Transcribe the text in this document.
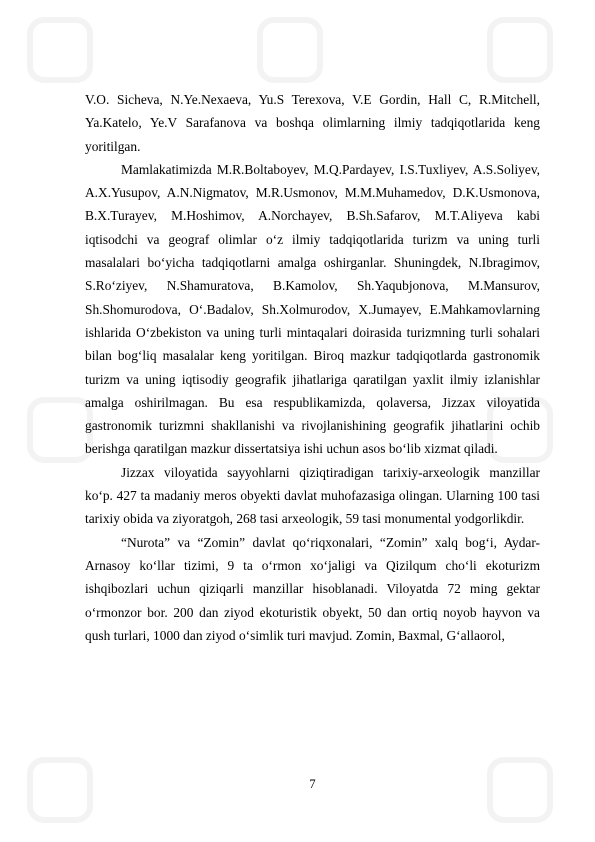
V.O. Sicheva, N.Ye.Nexaeva, Yu.S Terexova, V.E Gordin, Hall C, R.Mitchell, Ya.Katelo, Ye.V Sarafanova va boshqa olimlarning ilmiy tadqiqotlarida keng yoritilgan.

Mamlakatimizda M.R.Boltaboyev, M.Q.Pardayev, I.S.Tuxliyev, A.S.Soliyev, A.X.Yusupov, A.N.Nigmatov, M.R.Usmonov, M.M.Muhamedov, D.K.Usmonova, B.X.Turayev, M.Hoshimov, A.Norchayev, B.Sh.Safarov, M.T.Aliyeva kabi iqtisodchi va geograf olimlar o‘z ilmiy tadqiqotlarida turizm va uning turli masalalari bo‘yicha tadqiqotlarni amalga oshirganlar. Shuningdek, N.Ibragimov, S.Ro‘ziyev, N.Shamuratova, B.Kamolov, Sh.Yaqubjonova, M.Mansurov, Sh.Shomurodova, O‘.Badalov, Sh.Xolmurodov, X.Jumayev, E.Mahkamovlarning ishlarida O‘zbekiston va uning turli mintaqalari doirasida turizmning turli sohalari bilan bog‘liq masalalar keng yoritilgan. Biroq mazkur tadqiqotlarda gastronomik turizm va uning iqtisodiy geografik jihatlariga qaratilgan yaxlit ilmiy izlanishlar amalga oshirilmagan. Bu esa respublikamizda, qolaversa, Jizzax viloyatida gastronomik turizmni shakllanishi va rivojlanishining geografik jihatlarini ochib berishga qaratilgan mazkur dissertatsiya ishi uchun asos bo‘lib xizmat qiladi.

Jizzax viloyatida sayyohlarni qiziqtiradigan tarixiy-arxeologik manzillar ko‘p. 427 ta madaniy meros obyekti davlat muhofazasiga olingan. Ularning 100 tasi tarixiy obida va ziyoratgoh, 268 tasi arxeologik, 59 tasi monumental yodgorlikdir.

“Nurota” va “Zomin” davlat qo‘riqxonalari, “Zomin” xalq bog‘i, Aydar-Arnasoy ko‘llar tizimi, 9 ta o‘rmon xo‘jaligi va Qizilqum cho‘li ekoturizm ishqibozlari uchun qiziqarli manzillar hisoblanadi. Viloyatda 72 ming gektar o‘rmonzor bor. 200 dan ziyod ekoturistik obyekt, 50 dan ortiq noyob hayvon va qush turlari, 1000 dan ziyod o‘simlik turi mavjud. Zomin, Baxmal, G‘allaorol,

7
